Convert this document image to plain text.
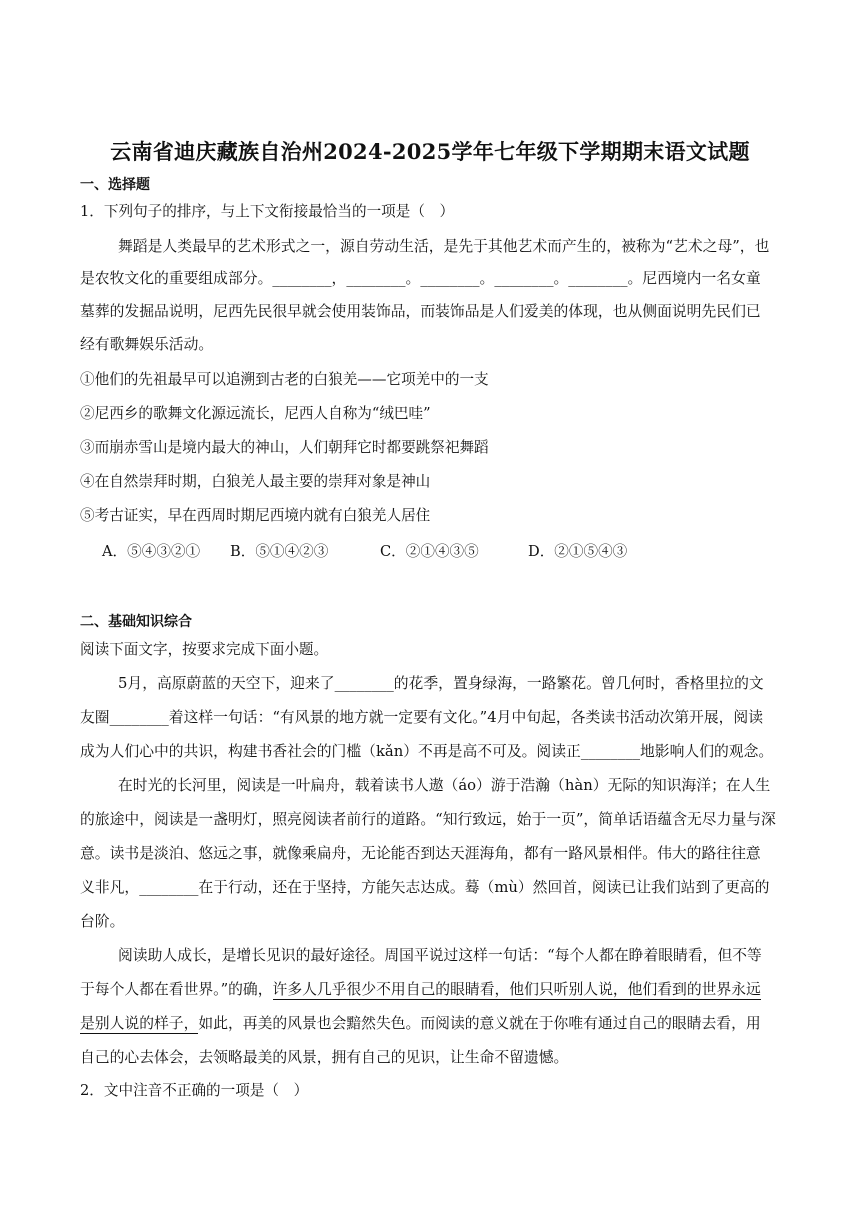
云南省迪庆藏族自治州2024-2025学年七年级下学期期末语文试题
一、选择题
1．下列句子的排序，与上下文衔接最恰当的一项是（　）
舞蹈是人类最早的艺术形式之一，源自劳动生活，是先于其他艺术而产生的，被称为“艺术之母”，也
是农牧文化的重要组成部分。________，________。________。________。________。尼西境内一名女童
墓葬的发掘品说明，尼西先民很早就会使用装饰品，而装饰品是人们爱美的体现，也从侧面说明先民们已
经有歌舞娱乐活动。
①他们的先祖最早可以追溯到古老的白狼羌——它项羌中的一支
②尼西乡的歌舞文化源远流长，尼西人自称为“绒巴哇”
③而崩赤雪山是境内最大的神山，人们朝拜它时都要跳祭祀舞蹈
④在自然崇拜时期，白狼羌人最主要的崇拜对象是神山
⑤考古证实，早在西周时期尼西境内就有白狼羌人居住
A．⑤④③②① B．⑤①④②③	C．②①④③⑤	D．②①⑤④③
二、基础知识综合
阅读下面文字，按要求完成下面小题。
5月，高原蔚蓝的天空下，迎来了________的花季，置身绿海，一路繁花。曾几何时，香格里拉的文
友圈________着这样一句话：“有风景的地方就一定要有文化。”4月中旬起，各类读书活动次第开展，阅读
成为人们心中的共识，构建书香社会的门槛（kǎn）不再是高不可及。阅读正________地影响人们的观念。
在时光的长河里，阅读是一叶扁舟，载着读书人遨（áo）游于浩瀚（hàn）无际的知识海洋；在人生
的旅途中，阅读是一盏明灯，照亮阅读者前行的道路。“知行致远，始于一页”，简单话语蕴含无尽力量与深
意。读书是淡泊、悠远之事，就像乘扁舟，无论能否到达天涯海角，都有一路风景相伴。伟大的路往往意
义非凡，________在于行动，还在于坚持，方能矢志达成。蓦（mù）然回首，阅读已让我们站到了更高的
台阶。
阅读助人成长，是增长见识的最好途径。周国平说过这样一句话：“每个人都在睁着眼睛看，但不等
于每个人都在看世界。”的确，许多人几乎很少不用自己的眼睛看，他们只听别人说，他们看到的世界永远
是别人说的样子，如此，再美的风景也会黯然失色。而阅读的意义就在于你唯有通过自己的眼睛去看，用
自己的心去体会，去领略最美的风景，拥有自己的见识，让生命不留遗憾。
2．文中注音不正确的一项是（　）
